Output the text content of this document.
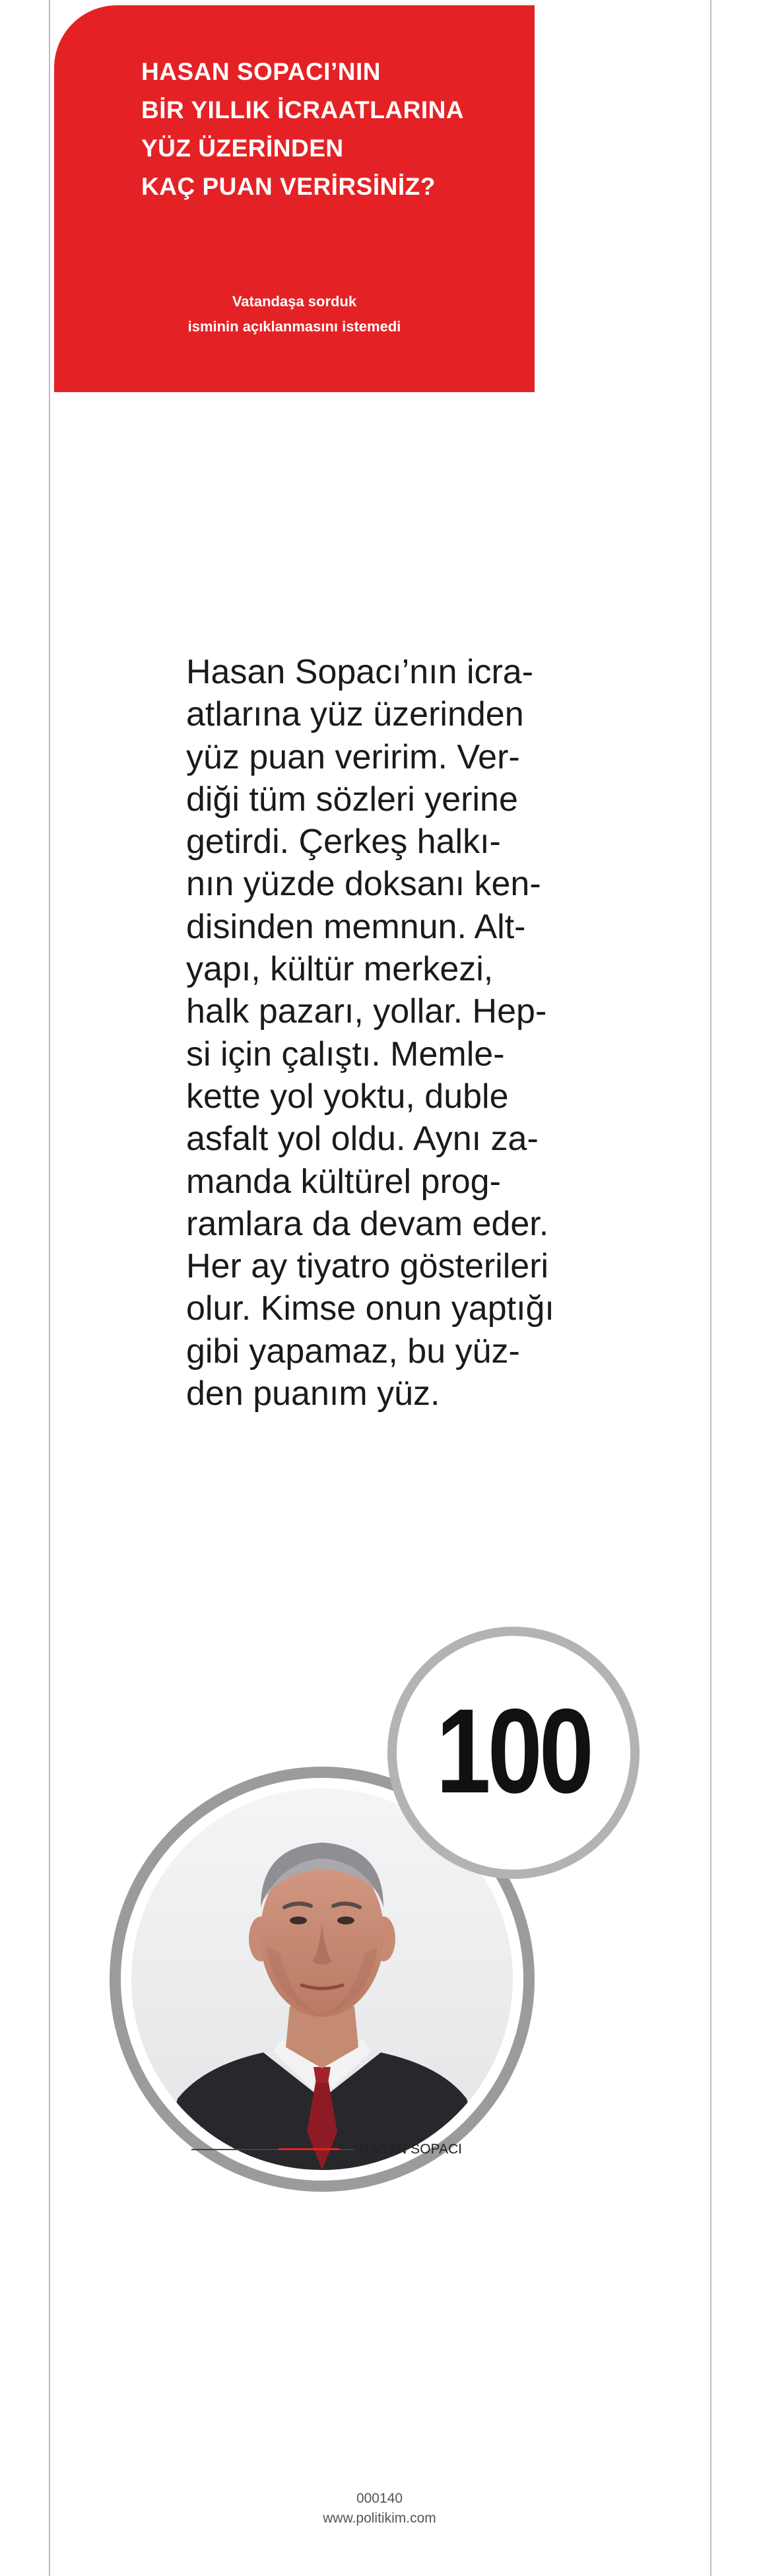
HASAN SOPACI’NIN
BİR YILLIK İCRAATLARINA
YÜZ ÜZERİNDEN
KAÇ PUAN VERİRSİNİZ?
Vatandaşa sorduk
isminin açıklanmasını istemedi
Hasan Sopacı’nın icra-
atlarına yüz üzerinden
yüz puan veririm. Ver-
diği tüm sözleri yerine
getirdi. Çerkeş halkı-
nın yüzde doksanı ken-
disinden memnun. Alt-
yapı, kültür merkezi,
halk pazarı, yollar. Hep-
si için çalıştı. Memle-
kette yol yoktu, duble
asfalt yol oldu. Aynı za-
manda kültürel prog-
ramlara da devam eder.
Her ay tiyatro gösterileri
olur. Kimse onun yaptığı
gibi yapamaz, bu yüz-
den puanım yüz.
100
HASAN SOPACI
000140
www.politikim.com
